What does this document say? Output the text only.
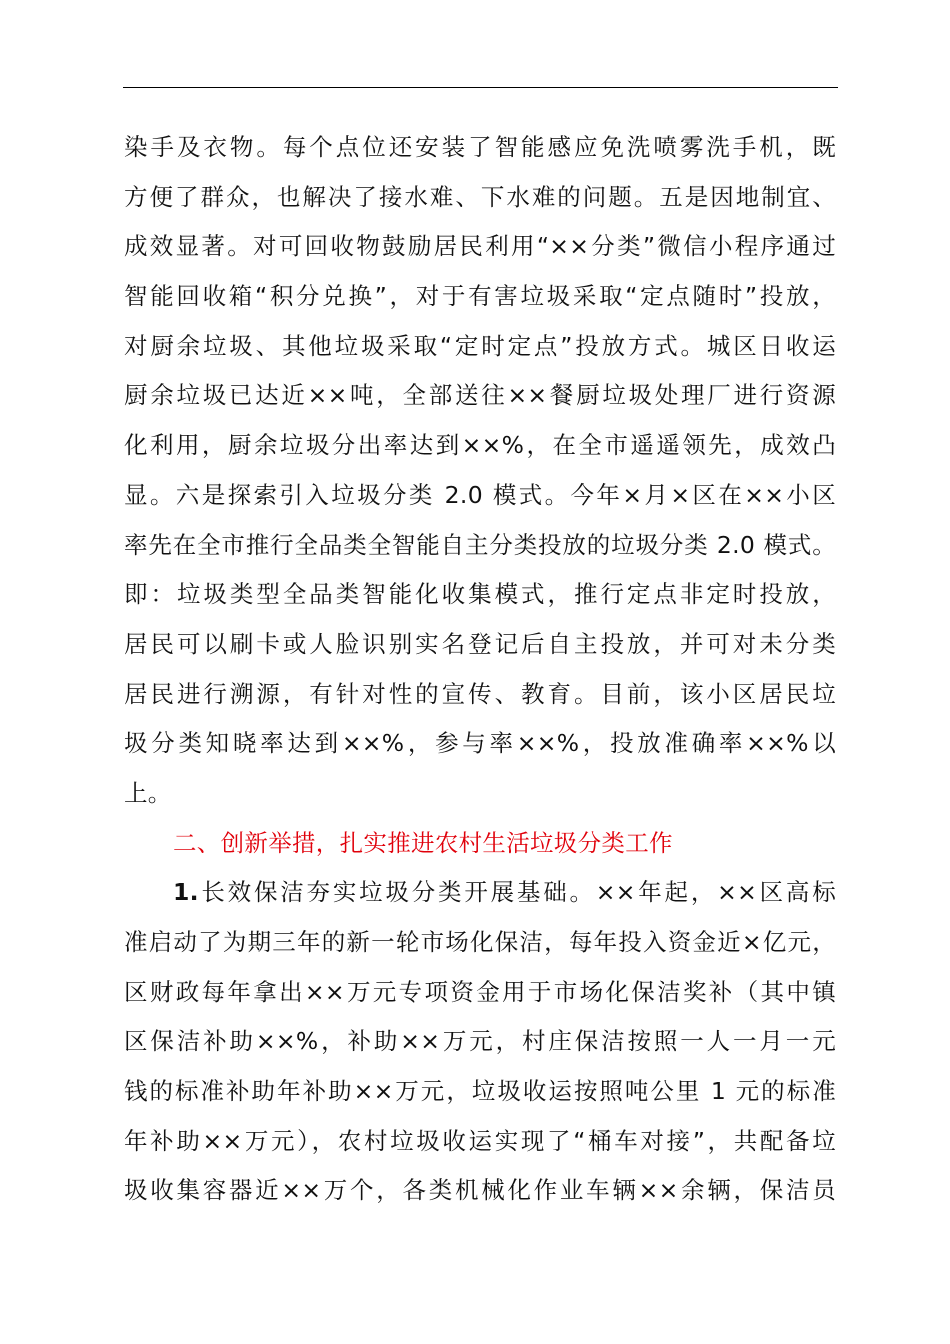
染手及衣物。每个点位还安装了智能感应免洗喷雾洗手机，既
方便了群众，也解决了接水难、下水难的问题。五是因地制宜、
成效显著。对可回收物鼓励居民利用“××分类”微信小程序通过
智能回收箱“积分兑换”，对于有害垃圾采取“定点随时”投放，
对厨余垃圾、其他垃圾采取“定时定点”投放方式。城区日收运
厨余垃圾已达近××吨，全部送往××餐厨垃圾处理厂进行资源
化利用，厨余垃圾分出率达到××%，在全市遥遥领先，成效凸
显。六是探索引入垃圾分类 2.0 模式。今年×月×区在××小区
率先在全市推行全品类全智能自主分类投放的垃圾分类 2.0 模式。
即：垃圾类型全品类智能化收集模式，推行定点非定时投放，
居民可以刷卡或人脸识别实名登记后自主投放，并可对未分类
居民进行溯源，有针对性的宣传、教育。目前，该小区居民垃
圾分类知晓率达到××%，参与率××%，投放准确率××%以
上。
二、创新举措，扎实推进农村生活垃圾分类工作
1.长效保洁夯实垃圾分类开展基础。××年起，××区高标
准启动了为期三年的新一轮市场化保洁，每年投入资金近×亿元，
区财政每年拿出××万元专项资金用于市场化保洁奖补（其中镇
区保洁补助××%，补助××万元，村庄保洁按照一人一月一元
钱的标准补助年补助××万元，垃圾收运按照吨公里 1 元的标准
年补助××万元），农村垃圾收运实现了“桶车对接”，共配备垃
圾收集容器近××万个，各类机械化作业车辆××余辆，保洁员
